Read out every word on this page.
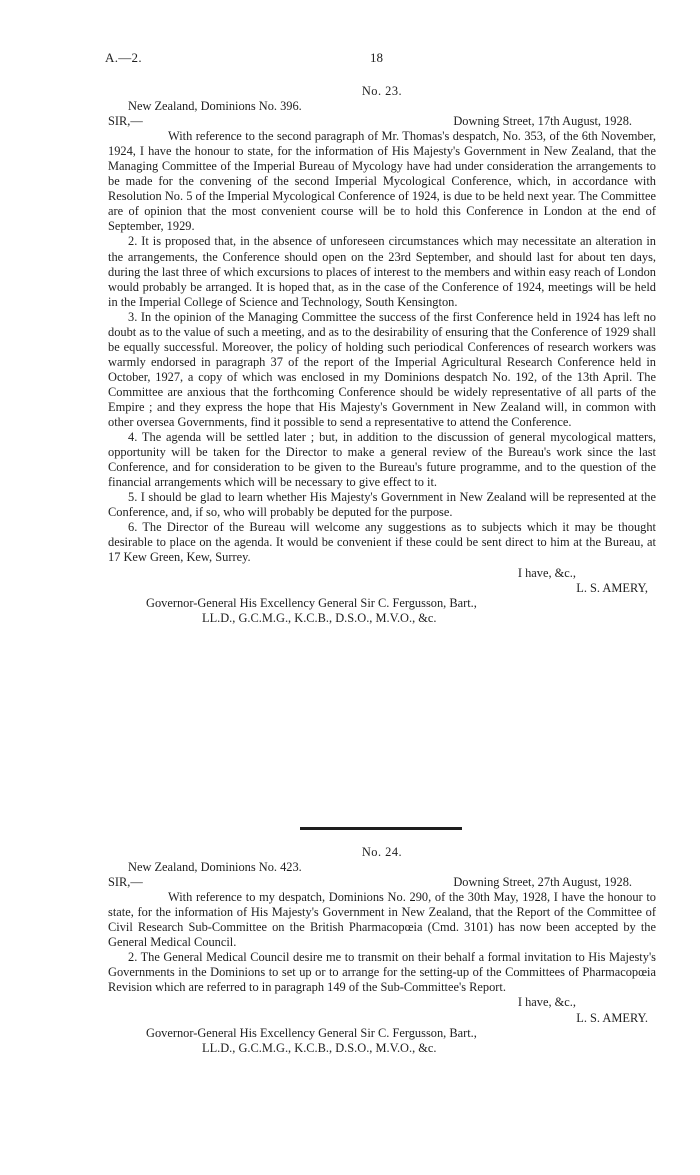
A.—2.	18
No. 23.
New Zealand, Dominions No. 396.
SIR,—	Downing Street, 17th August, 1928.

With reference to the second paragraph of Mr. Thomas's despatch, No. 353, of the 6th November, 1924, I have the honour to state, for the information of His Majesty's Government in New Zealand, that the Managing Committee of the Imperial Bureau of Mycology have had under consideration the arrangements to be made for the convening of the second Imperial Mycological Conference, which, in accordance with Resolution No. 5 of the Imperial Mycological Conference of 1924, is due to be held next year. The Committee are of opinion that the most convenient course will be to hold this Conference in London at the end of September, 1929.

2. It is proposed that, in the absence of unforeseen circumstances which may necessitate an alteration in the arrangements, the Conference should open on the 23rd September, and should last for about ten days, during the last three of which excursions to places of interest to the members and within easy reach of London would probably be arranged. It is hoped that, as in the case of the Conference of 1924, meetings will be held in the Imperial College of Science and Technology, South Kensington.

3. In the opinion of the Managing Committee the success of the first Conference held in 1924 has left no doubt as to the value of such a meeting, and as to the desirability of ensuring that the Conference of 1929 shall be equally successful. Moreover, the policy of holding such periodical Conferences of research workers was warmly endorsed in paragraph 37 of the report of the Imperial Agricultural Research Conference held in October, 1927, a copy of which was enclosed in my Dominions despatch No. 192, of the 13th April. The Committee are anxious that the forthcoming Conference should be widely representative of all parts of the Empire ; and they express the hope that His Majesty's Government in New Zealand will, in common with other oversea Governments, find it possible to send a representative to attend the Conference.

4. The agenda will be settled later ; but, in addition to the discussion of general mycological matters, opportunity will be taken for the Director to make a general review of the Bureau's work since the last Conference, and for consideration to be given to the Bureau's future programme, and to the question of the financial arrangements which will be necessary to give effect to it.

5. I should be glad to learn whether His Majesty's Government in New Zealand will be represented at the Conference, and, if so, who will probably be deputed for the purpose.

6. The Director of the Bureau will welcome any suggestions as to subjects which it may be thought desirable to place on the agenda. It would be convenient if these could be sent direct to him at the Bureau, at 17 Kew Green, Kew, Surrey.

I have, &c.,
L. S. AMERY,
Governor-General His Excellency General Sir C. Fergusson, Bart.,
LL.D., G.C.M.G., K.C.B., D.S.O., M.V.O., &c.
No. 24.
New Zealand, Dominions No. 423.
SIR,—	Downing Street, 27th August, 1928.

With reference to my despatch, Dominions No. 290, of the 30th May, 1928, I have the honour to state, for the information of His Majesty's Government in New Zealand, that the Report of the Committee of Civil Research Sub-Committee on the British Pharmacopœia (Cmd. 3101) has now been accepted by the General Medical Council.

2. The General Medical Council desire me to transmit on their behalf a formal invitation to His Majesty's Governments in the Dominions to set up or to arrange for the setting-up of the Committees of Pharmacopœia Revision which are referred to in paragraph 149 of the Sub-Committee's Report.

I have, &c.,
L. S. AMERY.
Governor-General His Excellency General Sir C. Fergusson, Bart.,
LL.D., G.C.M.G., K.C.B., D.S.O., M.V.O., &c.
